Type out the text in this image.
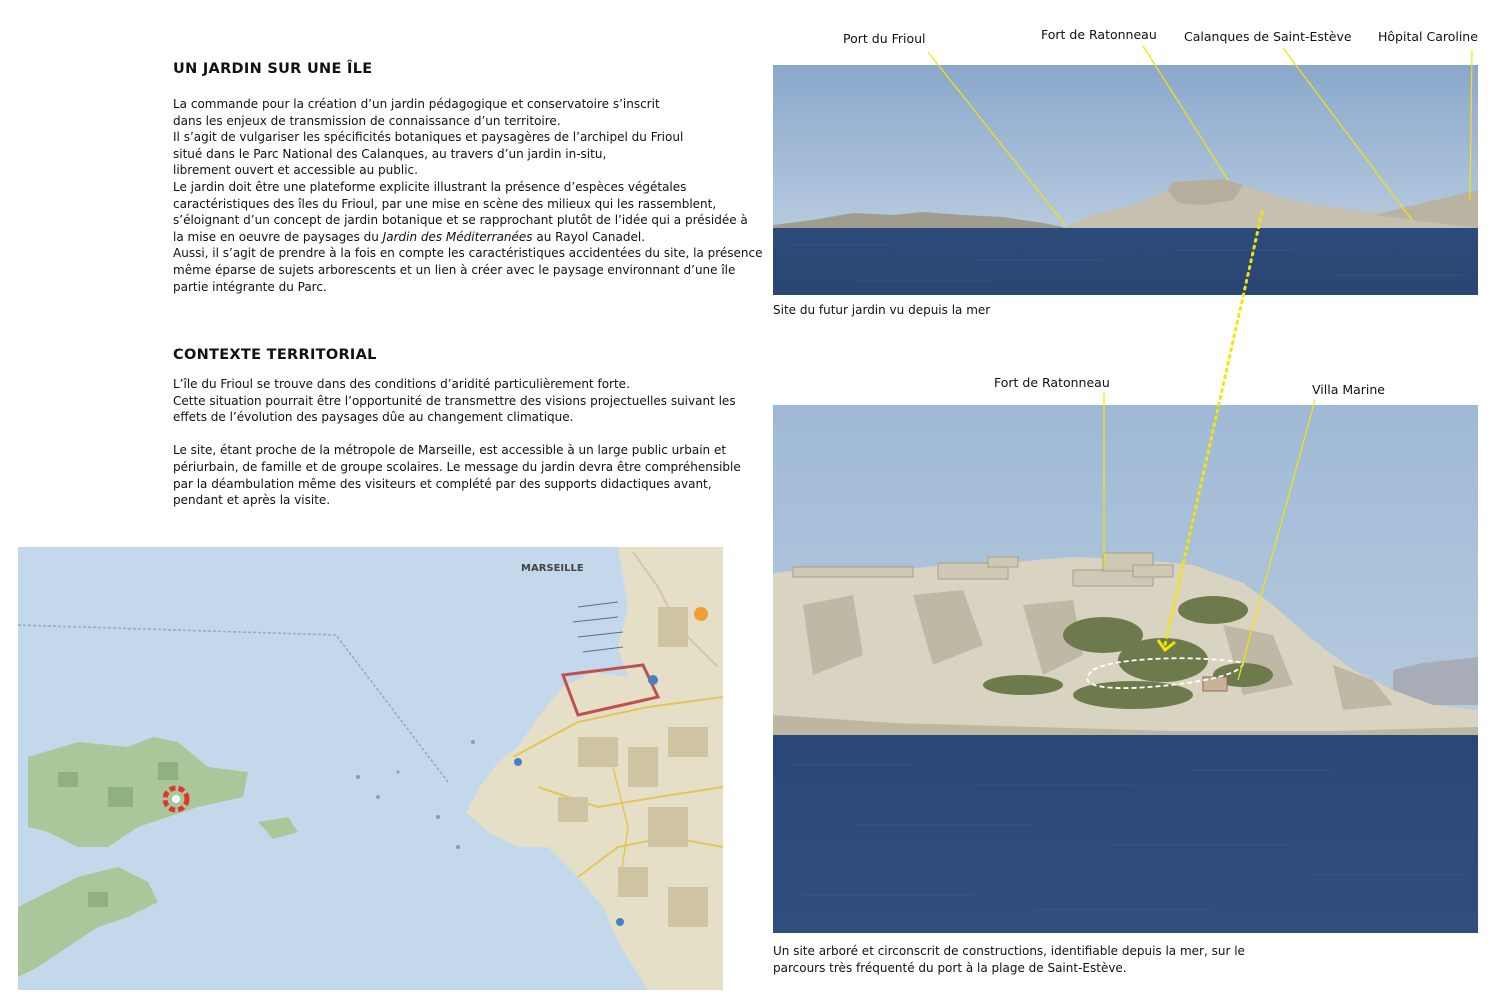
UN JARDIN SUR UNE ÎLE
La commande pour la création d’un jardin pédagogique et conservatoire s’inscrit
dans les enjeux de transmission de connaissance d’un territoire.
Il s’agit de vulgariser les spécificités botaniques et paysagères de l’archipel du Frioul
situé dans le Parc National des Calanques, au travers d’un jardin in-situ,
librement ouvert et accessible au public.
Le jardin doit être une plateforme explicite illustrant la présence d’espèces végétales
caractéristiques des îles du Frioul, par une mise en scène des milieux qui les rassemblent,
s’éloignant d’un concept de jardin botanique et se rapprochant plutôt de l’idée qui a présidée à
la mise en oeuvre de paysages du Jardin des Méditerranées au Rayol Canadel.
Aussi, il s’agit de prendre à la fois en compte les caractéristiques accidentées du site, la présence
même éparse de sujets arborescents et un lien à créer avec le paysage environnant d’une île
partie intégrante du Parc.
CONTEXTE TERRITORIAL
L’île du Frioul se trouve dans des conditions d’aridité particulièrement forte.
Cette situation pourrait être l’opportunité de transmettre des visions projectuelles suivant les
effets de l’évolution des paysages dûe au changement climatique.
Le site, étant proche de la métropole de Marseille, est accessible à un large public urbain et
périurbain, de famille et de groupe scolaires. Le message du jardin devra être compréhensible
par la déambulation même des visiteurs et complété par des supports didactiques avant,
pendant et après la visite.
MARSEILLE
Site du futur jardin vu depuis la mer
Un site arboré et circonscrit de constructions, identifiable depuis la mer, sur le
parcours très fréquenté du port à la plage de Saint-Estève.
Port du Frioul	Fort de Ratonneau Calanques de Saint-Estève Hôpital Caroline
Fort de Ratonneau	Villa Marine
